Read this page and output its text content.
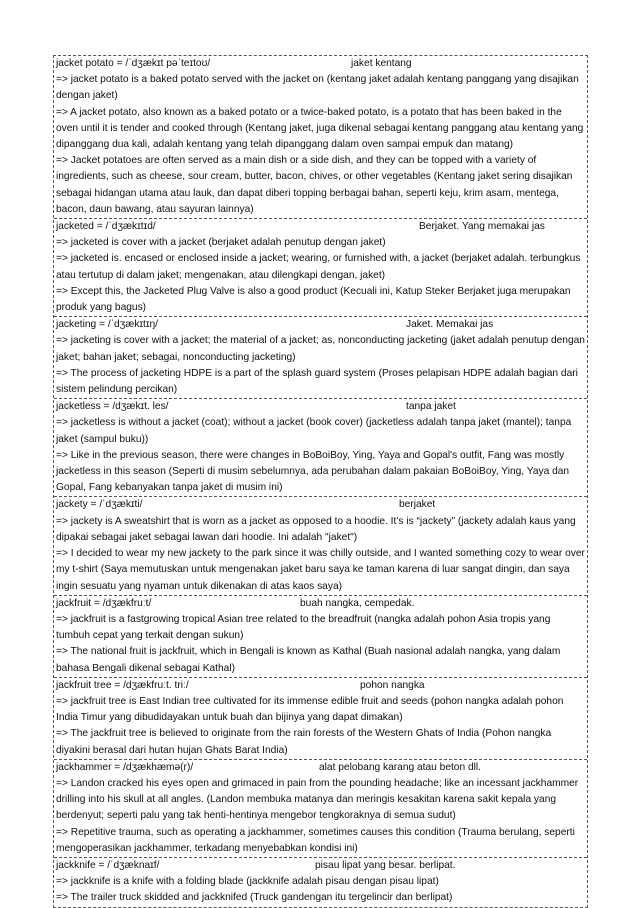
jacket potato = /ˈdʒækɪt pəˈteɪtoʊ/	jaket kentang
=> jacket potato is a baked potato served with the jacket on (kentang jaket adalah kentang panggang yang disajikan dengan jaket)
=> A jacket potato, also known as a baked potato or a twice-baked potato, is a potato that has been baked in the oven until it is tender and cooked through (Kentang jaket, juga dikenal sebagai kentang panggang atau kentang yang dipanggang dua kali, adalah kentang yang telah dipanggang dalam oven sampai empuk dan matang)
=> Jacket potatoes are often served as a main dish or a side dish, and they can be topped with a variety of ingredients, such as cheese, sour cream, butter, bacon, chives, or other vegetables (Kentang jaket sering disajikan sebagai hidangan utama atau lauk, dan dapat diberi topping berbagai bahan, seperti keju, krim asam, mentega, bacon, daun bawang, atau sayuran lainnya)
jacketed = /ˈdʒækɪtɪd/	Berjaket. Yang memakai jas
=> jacketed is cover with a jacket (berjaket adalah penutup dengan jaket)
=> jacketed is. encased or enclosed inside a jacket; wearing, or furnished with, a jacket (berjaket adalah. terbungkus atau tertutup di dalam jaket; mengenakan, atau dilengkapi dengan, jaket)
=> Except this, the Jacketed Plug Valve is also a good product (Kecuali ini, Katup Steker Berjaket juga merupakan produk yang bagus)
jacketing = /ˈdʒækɪtɪŋ/	Jaket. Memakai jas
=> jacketing is cover with a jacket; the material of a jacket; as, nonconducting jacketing (jaket adalah penutup dengan jaket; bahan jaket; sebagai, nonconducting jacketing)
=> The process of jacketing HDPE is a part of the splash guard system (Proses pelapisan HDPE adalah bagian dari sistem pelindung percikan)
jacketless = /dʒækɪt. les/	tanpa jaket
=> jacketless is without a jacket (coat); without a jacket (book cover) (jacketless adalah tanpa jaket (mantel); tanpa jaket (sampul buku))
=> Like in the previous season, there were changes in BoBoiBoy, Ying, Yaya and Gopal's outfit, Fang was mostly jacketless in this season (Seperti di musim sebelumnya, ada perubahan dalam pakaian BoBoiBoy, Ying, Yaya dan Gopal, Fang kebanyakan tanpa jaket di musim ini)
jackety = /ˈdʒækɪti/	berjaket
=> jackety is A sweatshirt that is worn as a jacket as opposed to a hoodie. It’s is “jackety” (jackety adalah kaus yang dipakai sebagai jaket sebagai lawan dari hoodie. Ini adalah "jaket")
=> I decided to wear my new jackety to the park since it was chilly outside, and I wanted something cozy to wear over my t-shirt (Saya memutuskan untuk mengenakan jaket baru saya ke taman karena di luar sangat dingin, dan saya ingin sesuatu yang nyaman untuk dikenakan di atas kaos saya)
jackfruit = /dʒækfruːt/	buah nangka, cempedak.
=> jackfruit is a fastgrowing tropical Asian tree related to the breadfruit (nangka adalah pohon Asia tropis yang tumbuh cepat yang terkait dengan sukun)
=> The national fruit is jackfruit, which in Bengali is known as Kathal (Buah nasional adalah nangka, yang dalam bahasa Bengali dikenal sebagai Kathal)
jackfruit tree = /dʒækfruːt. triː/	pohon nangka
=> jackfruit tree is East Indian tree cultivated for its immense edible fruit and seeds (pohon nangka adalah pohon India Timur yang dibudidayakan untuk buah dan bijinya yang dapat dimakan)
=> The jackfruit tree is believed to originate from the rain forests of the Western Ghats of India (Pohon nangka diyakini berasal dari hutan hujan Ghats Barat India)
jackhammer = /dʒækhæmə(r)/	alat pelobang karang atau beton dll.
=> Landon cracked his eyes open and grimaced in pain from the pounding headache; like an incessant jackhammer drilling into his skull at all angles. (Landon membuka matanya dan meringis kesakitan karena sakit kepala yang berdenyut; seperti palu yang tak henti-hentinya mengebor tengkoraknya di semua sudut)
=> Repetitive trauma, such as operating a jackhammer, sometimes causes this condition (Trauma berulang, seperti mengoperasikan jackhammer, terkadang menyebabkan kondisi ini)
jackknife = /ˈdʒæknaɪf/	pisau lipat yang besar. berlipat.
=> jackknife is a knife with a folding blade (jackknife adalah pisau dengan pisau lipat)
=> The trailer truck skidded and jackknifed (Truck gandengan itu tergelincir dan berlipat)
